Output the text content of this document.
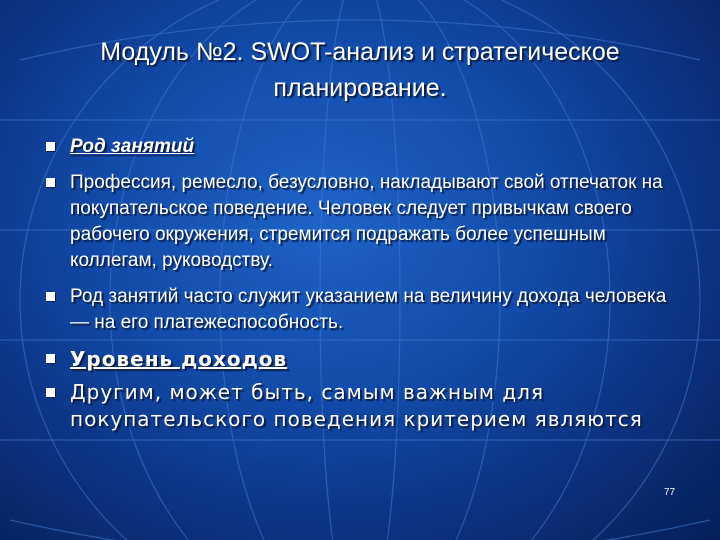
Модуль №2. SWOT-анализ и стратегическое
планирование.
Род занятий
Профессия, ремесло, безусловно, накладывают свой отпечаток на покупательское поведение. Человек следует привычкам своего рабочего окружения, стремится подражать более успешным коллегам, руководству.
Род занятий часто служит указанием на величину дохода человека — на его платежеспособность.
Уровень доходов
Другим, может быть, самым важным для покупательского поведения критерием являются
77
